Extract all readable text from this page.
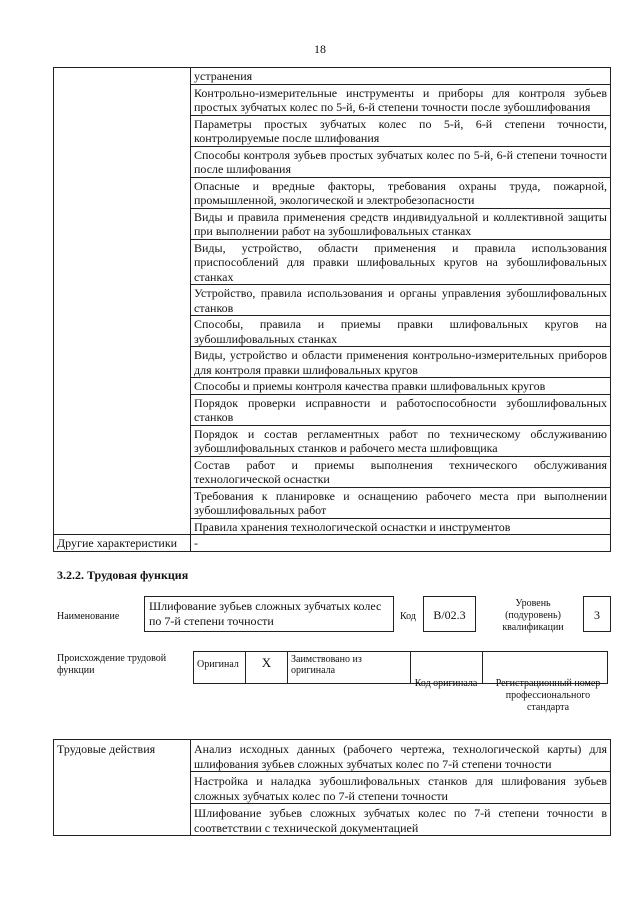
18
	устранения
	Контрольно-измерительные инструменты и приборы для контроля зубьев простых зубчатых колес по 5-й, 6-й степени точности после зубошлифования
	Параметры простых зубчатых колес по 5-й, 6-й степени точности, контролируемые после шлифования
	Способы контроля зубьев простых зубчатых колес по 5-й, 6-й степени точности после шлифования
	Опасные и вредные факторы, требования охраны труда, пожарной, промышленной, экологической и электробезопасности
	Виды и правила применения средств индивидуальной и коллективной защиты при выполнении работ на зубошлифовальных станках
	Виды, устройство, области применения и правила использования приспособлений для правки шлифовальных кругов на зубошлифовальных станках
	Устройство, правила использования и органы управления зубошлифовальных станков
	Способы, правила и приемы правки шлифовальных кругов на зубошлифовальных станках
	Виды, устройство и области применения контрольно-измерительных приборов для контроля правки шлифовальных кругов
	Способы и приемы контроля качества правки шлифовальных кругов
	Порядок проверки исправности и работоспособности зубошлифовальных станков
	Порядок и состав регламентных работ по техническому обслуживанию зубошлифовальных станков и рабочего места шлифовщика
	Состав работ и приемы выполнения технического обслуживания технологической оснастки
	Требования к планировке и оснащению рабочего места при выполнении зубошлифовальных работ
	Правила хранения технологической оснастки и инструментов
Другие характеристики	-
3.2.2. Трудовая функция
Наименование
Шлифование зубьев сложных зубчатых колес по 7-й степени точности	Код	В/02.3
Уровень (подуровень) квалификации
3
Происхождение трудовой функции
Оригинал	X	Заимствовано из оригинала		
Код оригинала	Регистрационный номер профессионального стандарта
Трудовые действия	Анализ исходных данных (рабочего чертежа, технологической карты) для шлифования зубьев сложных зубчатых колес по 7-й степени точности
Настройка и наладка зубошлифовальных станков для шлифования зубьев сложных зубчатых колес по 7-й степени точности
Шлифование зубьев сложных зубчатых колес по 7-й степени точности в соответствии с технической документацией
